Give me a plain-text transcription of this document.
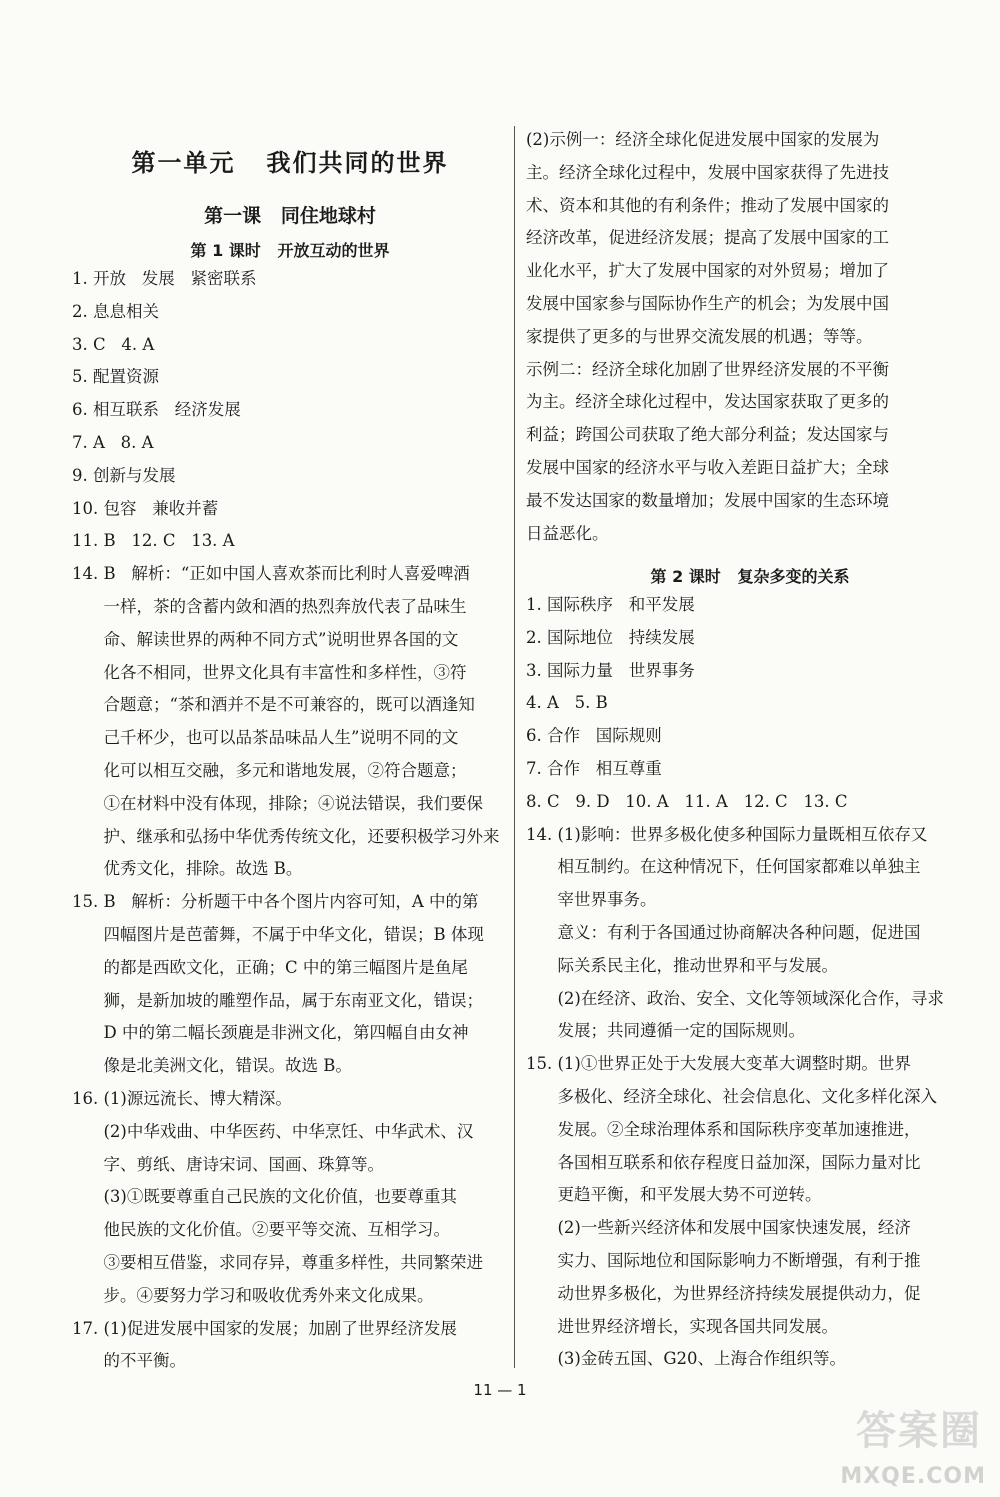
第一单元   我们共同的世界
第一课   同住地球村
第 1 课时   开放互动的世界
1. 开放   发展   紧密联系
2. 息息相关
3. C   4. A
5. 配置资源
6. 相互联系   经济发展
7. A   8. A
9. 创新与发展
10. 包容   兼收并蓄
11. B   12. C   13. A
14. B   解析：“正如中国人喜欢茶而比利时人喜爱啤酒
一样，茶的含蓄内敛和酒的热烈奔放代表了品味生
命、解读世界的两种不同方式”说明世界各国的文
化各不相同，世界文化具有丰富性和多样性，③符
合题意；“茶和酒并不是不可兼容的，既可以酒逢知
己千杯少，也可以品茶品味品人生”说明不同的文
化可以相互交融，多元和谐地发展，②符合题意；
①在材料中没有体现，排除；④说法错误，我们要保
护、继承和弘扬中华优秀传统文化，还要积极学习外来
优秀文化，排除。故选 B。
15. B   解析：分析题干中各个图片内容可知，A 中的第
四幅图片是芭蕾舞，不属于中华文化，错误；B 体现
的都是西欧文化，正确；C 中的第三幅图片是鱼尾
狮，是新加坡的雕塑作品，属于东南亚文化，错误；
D 中的第二幅长颈鹿是非洲文化，第四幅自由女神
像是北美洲文化，错误。故选 B。
16. (1)源远流长、博大精深。
(2)中华戏曲、中华医药、中华烹饪、中华武术、汉
字、剪纸、唐诗宋词、国画、珠算等。
(3)①既要尊重自己民族的文化价值，也要尊重其
他民族的文化价值。②要平等交流、互相学习。
③要相互借鉴，求同存异，尊重多样性，共同繁荣进
步。④要努力学习和吸收优秀外来文化成果。
17. (1)促进发展中国家的发展；加剧了世界经济发展
的不平衡。
(2)示例一：经济全球化促进发展中国家的发展为
主。经济全球化过程中，发展中国家获得了先进技
术、资本和其他的有利条件；推动了发展中国家的
经济改革，促进经济发展；提高了发展中国家的工
业化水平，扩大了发展中国家的对外贸易；增加了
发展中国家参与国际协作生产的机会；为发展中国
家提供了更多的与世界交流发展的机遇；等等。
示例二：经济全球化加剧了世界经济发展的不平衡
为主。经济全球化过程中，发达国家获取了更多的
利益；跨国公司获取了绝大部分利益；发达国家与
发展中国家的经济水平与收入差距日益扩大；全球
最不发达国家的数量增加；发展中国家的生态环境
日益恶化。
1. 国际秩序   和平发展
2. 国际地位   持续发展
3. 国际力量   世界事务
4. A   5. B
6. 合作   国际规则
7. 合作   相互尊重
8. C   9. D   10. A   11. A   12. C   13. C
14. (1)影响：世界多极化使多种国际力量既相互依存又
相互制约。在这种情况下，任何国家都难以单独主
宰世界事务。
意义：有利于各国通过协商解决各种问题，促进国
际关系民主化，推动世界和平与发展。
(2)在经济、政治、安全、文化等领域深化合作，寻求
发展；共同遵循一定的国际规则。
15. (1)①世界正处于大发展大变革大调整时期。世界
多极化、经济全球化、社会信息化、文化多样化深入
发展。②全球治理体系和国际秩序变革加速推进，
各国相互联系和依存程度日益加深，国际力量对比
更趋平衡，和平发展大势不可逆转。
(2)一些新兴经济体和发展中国家快速发展，经济
实力、国际地位和国际影响力不断增强，有利于推
动世界多极化，为世界经济持续发展提供动力，促
进世界经济增长，实现各国共同发展。
(3)金砖五国、G20、上海合作组织等。
第 2 课时   复杂多变的关系
11 — 1
答案圈
MXQE.COM
